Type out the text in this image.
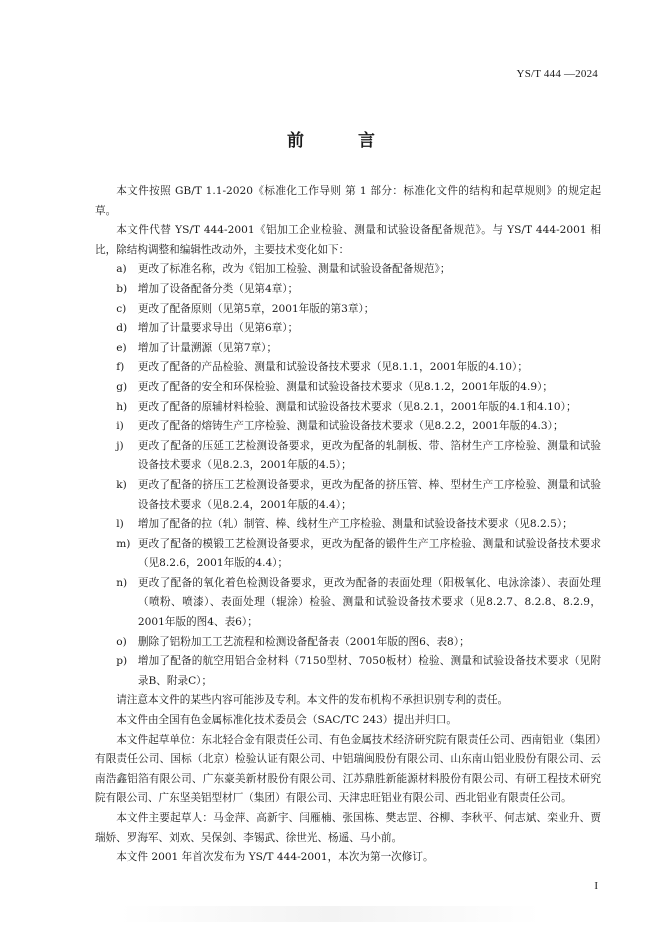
YS/T 444 —2024
前 言

本文件按照 GB/T 1.1-2020《标准化工作导则 第 1 部分：标准化文件的结构和起草规则》的规定起草。

本文件代替 YS/T 444-2001《铝加工企业检验、测量和试验设备配备规范》。与 YS/T 444-2001 相比，除结构调整和编辑性改动外，主要技术变化如下：

a)	更改了标准名称，改为《铝加工检验、测量和试验设备配备规范》；
b)	增加了设备配备分类（见第4章）；
c)	更改了配备原则（见第5章，2001年版的第3章）；
d)	增加了计量要求导出（见第6章）；
e)	增加了计量溯源（见第7章）；
f)	更改了配备的产品检验、测量和试验设备技术要求（见8.1.1，2001年版的4.10）；
g)	更改了配备的安全和环保检验、测量和试验设备技术要求（见8.1.2，2001年版的4.9）；
h)	更改了配备的原辅材料检验、测量和试验设备技术要求（见8.2.1，2001年版的4.1和4.10）；
i)	更改了配备的熔铸生产工序检验、测量和试验设备技术要求（见8.2.2，2001年版的4.3）；
j)	更改了配备的压延工艺检测设备要求，更改为配备的轧制板、带、箔材生产工序检验、测量和试验设备技术要求（见8.2.3，2001年版的4.5）；
k)	更改了配备的挤压工艺检测设备要求，更改为配备的挤压管、棒、型材生产工序检验、测量和试验设备技术要求（见8.2.4，2001年版的4.4）；
l)	增加了配备的拉（轧）制管、棒、线材生产工序检验、测量和试验设备技术要求（见8.2.5）；
m) 更改了配备的模锻工艺检测设备要求，更改为配备的锻件生产工序检验、测量和试验设备技术要求（见8.2.6，2001年版的4.4）；
n)	更改了配备的氧化着色检测设备要求，更改为配备的表面处理（阳极氧化、电泳涂漆）、表面处理（喷粉、喷漆）、表面处理（辊涂）检验、测量和试验设备技术要求（见8.2.7、8.2.8、8.2.9，2001年版的图4、表6）；
o)	删除了铝粉加工工艺流程和检测设备配备表（2001年版的图6、表8）；
p)	增加了配备的航空用铝合金材料（7150型材、7050板材）检验、测量和试验设备技术要求（见附录B、附录C）；

请注意本文件的某些内容可能涉及专利。本文件的发布机构不承担识别专利的责任。

本文件由全国有色金属标准化技术委员会（SAC/TC 243）提出并归口。

本文件起草单位：东北轻合金有限责任公司、有色金属技术经济研究院有限责任公司、西南铝业（集团）有限责任公司、国标（北京）检验认证有限公司、中铝瑞闽股份有限公司、山东南山铝业股份有限公司、云南浩鑫铝箔有限公司、广东豪美新材股份有限公司、江苏鼎胜新能源材料股份有限公司、有研工程技术研究院有限公司、广东坚美铝型材厂（集团）有限公司、天津忠旺铝业有限公司、西北铝业有限责任公司。

本文件主要起草人：马金萍、高新宇、闫雁楠、张国栋、樊志罡、谷柳、李秋平、何志斌、栾业升、贾瑞娇、罗海军、刘欢、吴保剑、李锡武、徐世光、杨遥、马小前。

本文件 2001 年首次发布为 YS/T 444-2001，本次为第一次修订。

I
